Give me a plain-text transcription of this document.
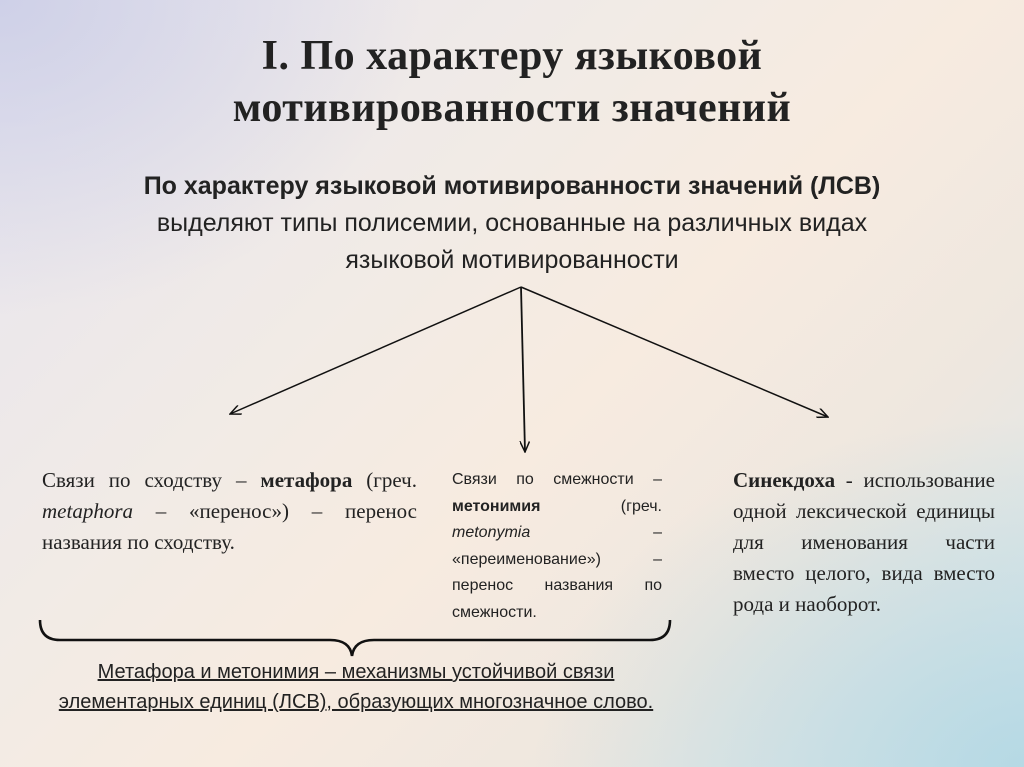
I. По характеру языковой
мотивированности значений
По характеру языковой мотивированности значений (ЛСВ)
выделяют типы полисемии, основанные на различных видах
языковой мотивированности
Связи по сходству – метафора (греч. metaphora – «перенос») – перенос названия по сходству.
Связи по смежности – метонимия (греч. metonymia – «переименование») – перенос названия по смежности.
Синекдоха - использование одной лексической единицы для именования части вместо целого, вида вместо рода и наоборот.
Метафора и метонимия – механизмы устойчивой связи элементарных единиц (ЛСВ), образующих многозначное слово.
